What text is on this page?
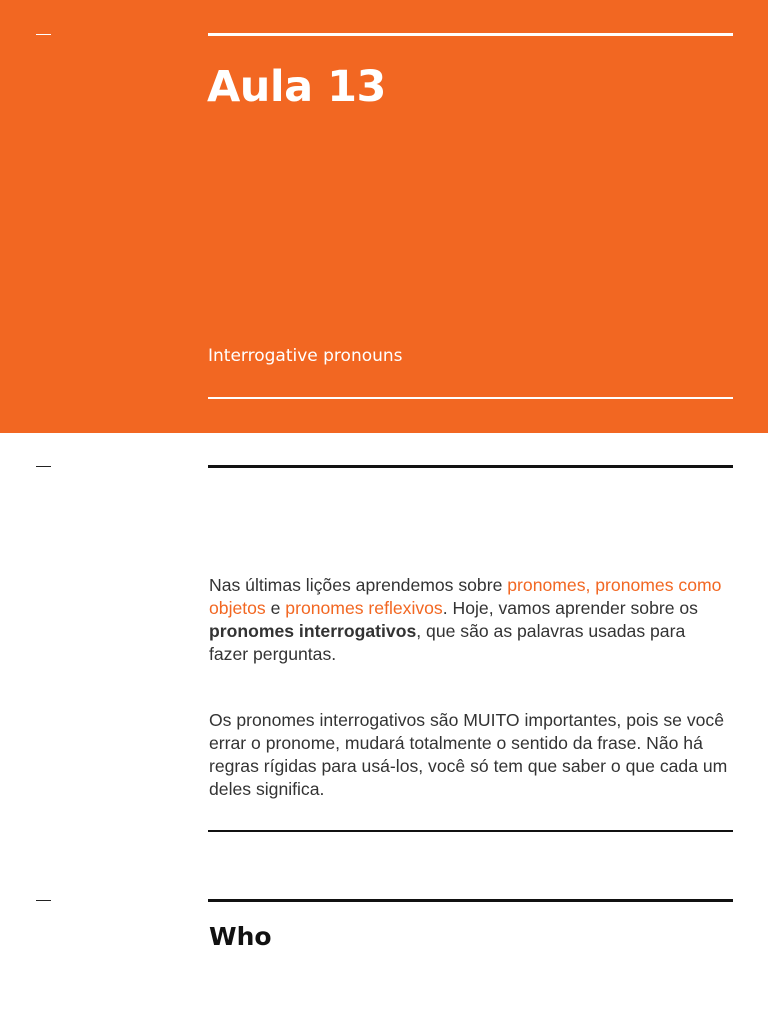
Aula 13

Interrogative pronouns

Nas últimas lições aprendemos sobre pronomes, pronomes como objetos e pronomes reflexivos. Hoje, vamos aprender sobre os pronomes interrogativos, que são as palavras usadas para fazer perguntas.

Os pronomes interrogativos são MUITO importantes, pois se você errar o pronome, mudará totalmente o sentido da frase. Não há regras rígidas para usá-los, você só tem que saber o que cada um deles significa.

Who
